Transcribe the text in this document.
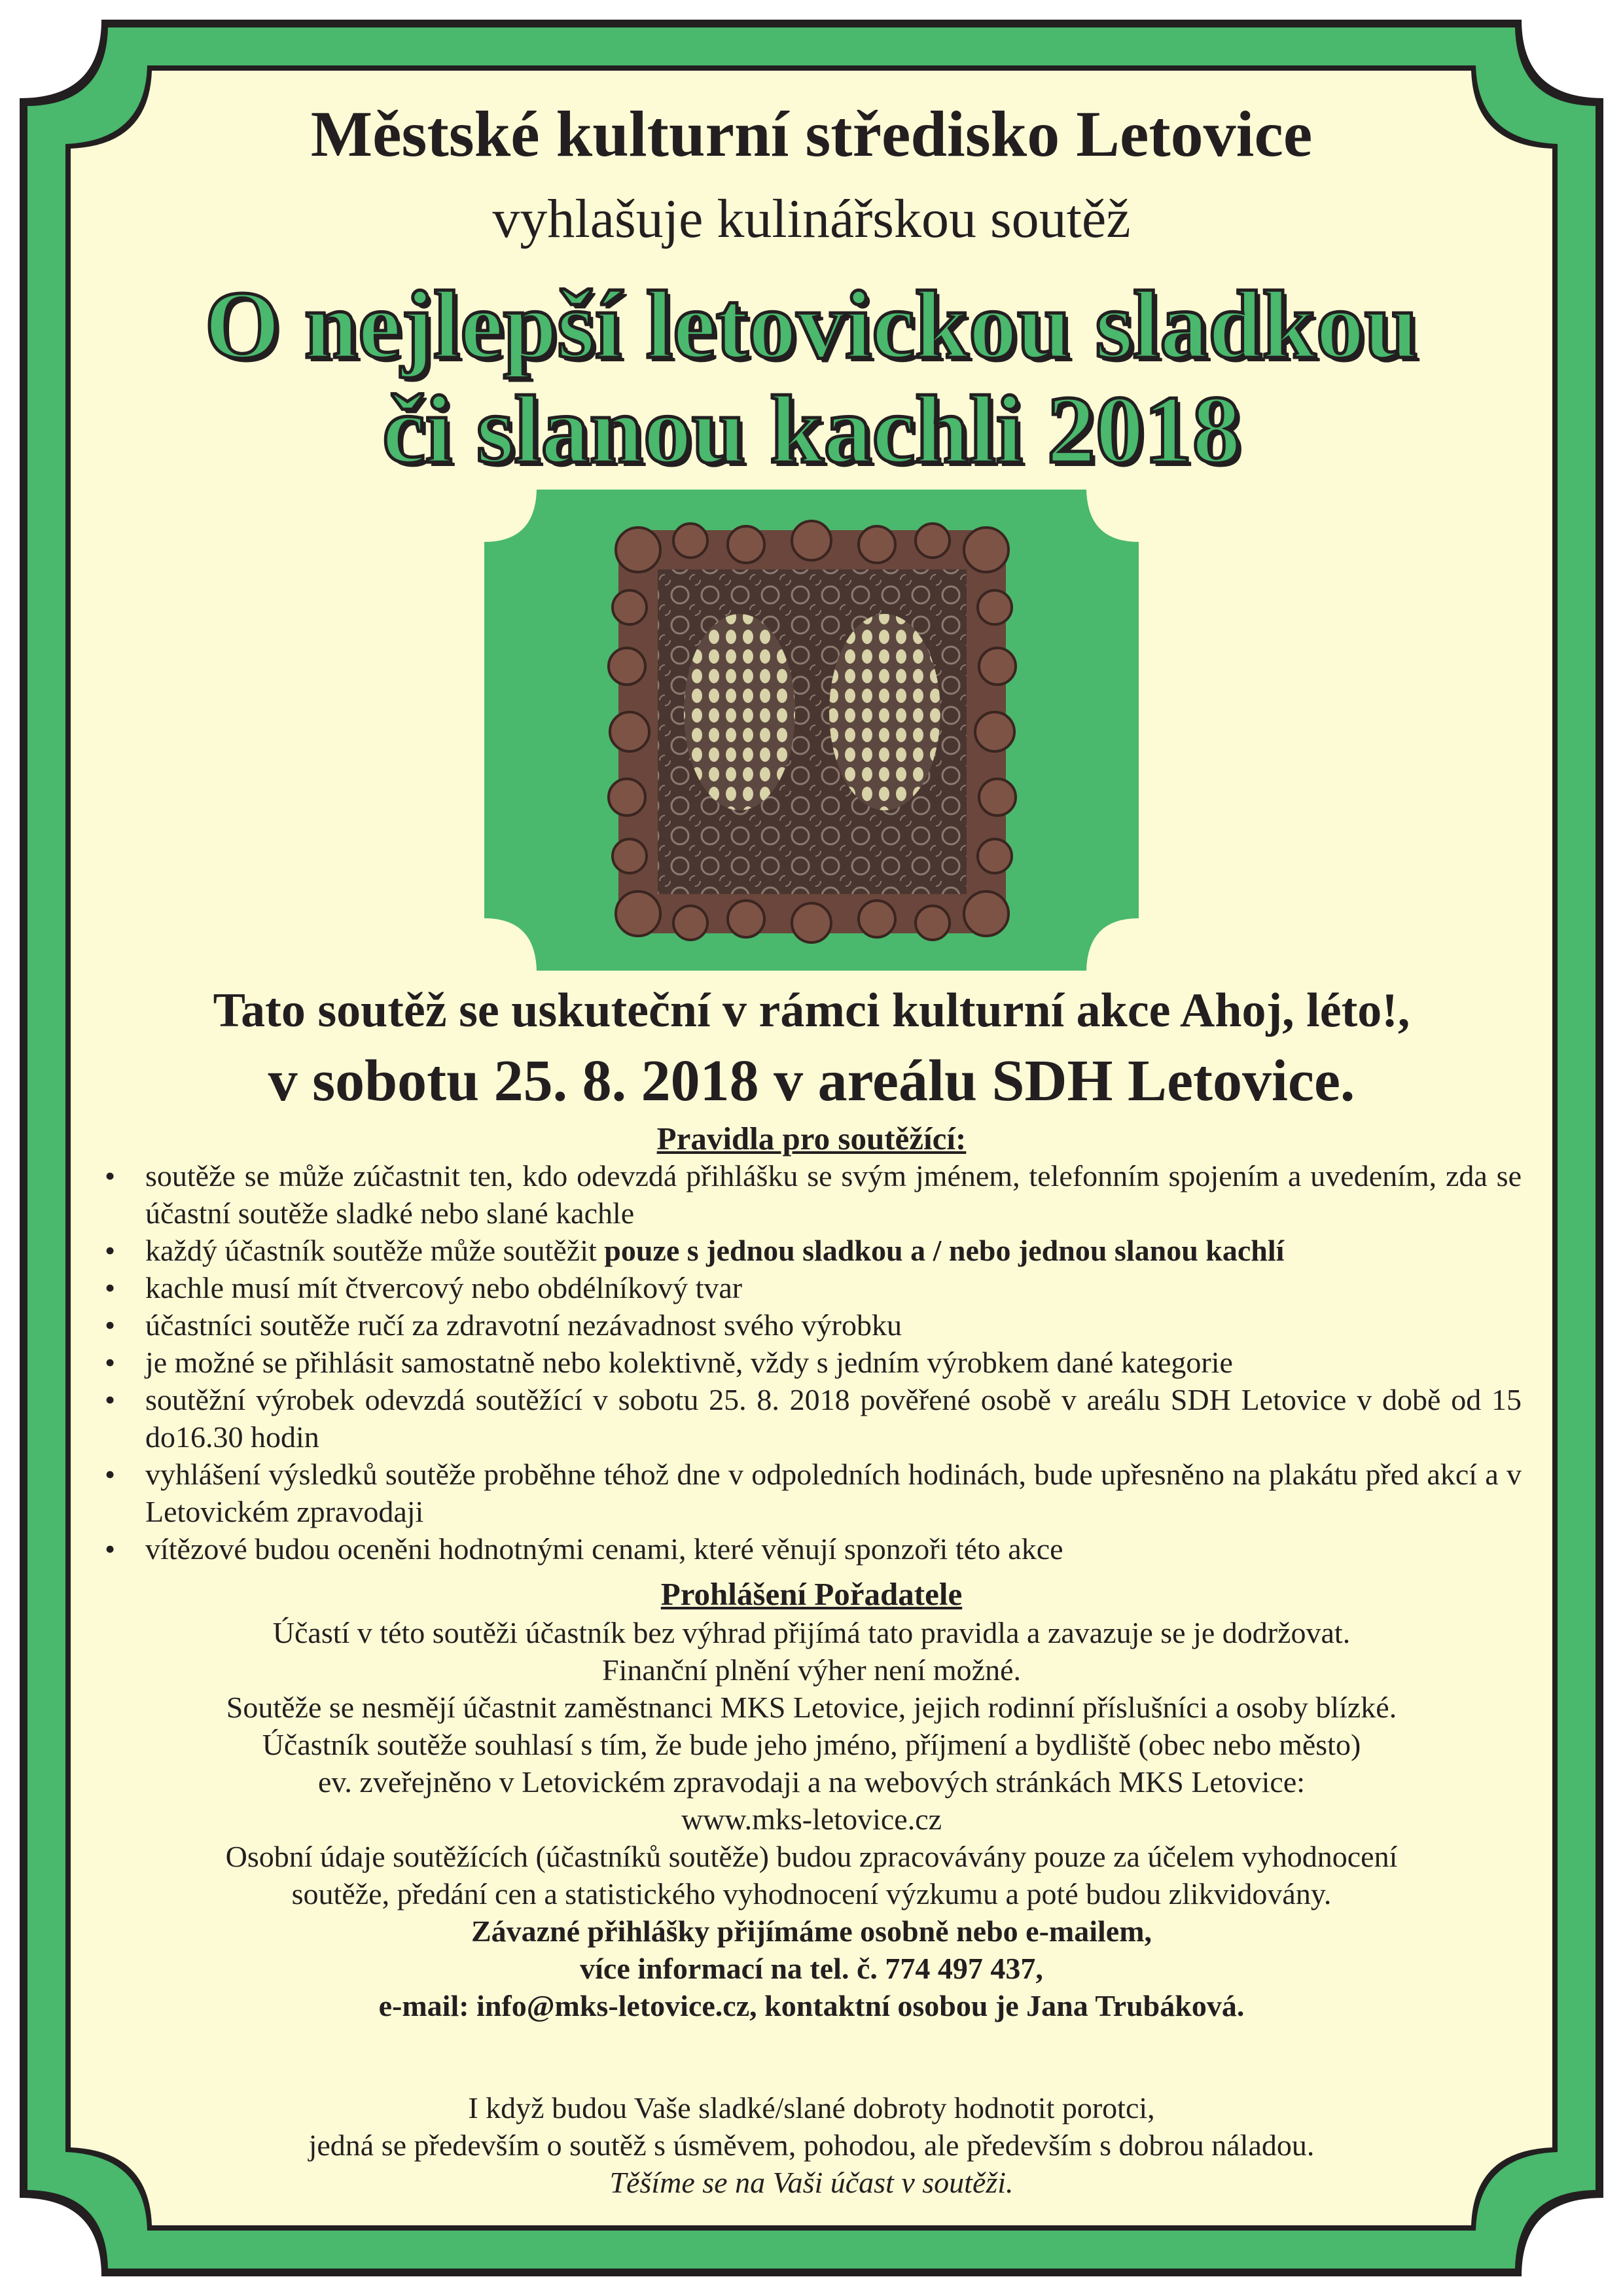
Městské kulturní středisko Letovice
vyhlašuje kulinářskou soutěž
O nejlepší letovickou sladkou
či slanou kachli 2018
Tato soutěž se uskuteční v rámci kulturní akce Ahoj, léto!,
v sobotu 25. 8. 2018 v areálu SDH Letovice.
Pravidla pro soutěžící:
• soutěže se může zúčastnit ten, kdo odevzdá přihlášku se svým jménem, telefonním spojením a uvedením, zda se účastní soutěže sladké nebo slané kachle
• každý účastník soutěže může soutěžit pouze s jednou sladkou a / nebo jednou slanou kachlí
• kachle musí mít čtvercový nebo obdélníkový tvar
• účastníci soutěže ručí za zdravotní nezávadnost svého výrobku
• je možné se přihlásit samostatně nebo kolektivně, vždy s jedním výrobkem dané kategorie
• soutěžní výrobek odevzdá soutěžící v sobotu 25. 8. 2018 pověřené osobě v areálu SDH Letovice v době od 15 do16.30 hodin
• vyhlášení výsledků soutěže proběhne téhož dne v odpoledních hodinách, bude upřesněno na plakátu před akcí a v Letovickém zpravodaji
• vítězové budou oceněni hodnotnými cenami, které věnují sponzoři této akce
Prohlášení Pořadatele
Účastí v této soutěži účastník bez výhrad přijímá tato pravidla a zavazuje se je dodržovat.
Finanční plnění výher není možné.
Soutěže se nesmějí účastnit zaměstnanci MKS Letovice, jejich rodinní příslušníci a osoby blízké.
Účastník soutěže souhlasí s tím, že bude jeho jméno, příjmení a bydliště (obec nebo město)
ev. zveřejněno v Letovickém zpravodaji a na webových stránkách MKS Letovice:
www.mks-letovice.cz
Osobní údaje soutěžících (účastníků soutěže) budou zpracovávány pouze za účelem vyhodnocení
soutěže, předání cen a statistického vyhodnocení výzkumu a poté budou zlikvidovány.
Závazné přihlášky přijímáme osobně nebo e-mailem,
více informací na tel. č. 774 497 437,
e-mail: info@mks-letovice.cz, kontaktní osobou je Jana Trubáková.
I když budou Vaše sladké/slané dobroty hodnotit porotci,
jedná se především o soutěž s úsměvem, pohodou, ale především s dobrou náladou.
Těšíme se na Vaši účast v soutěži.
